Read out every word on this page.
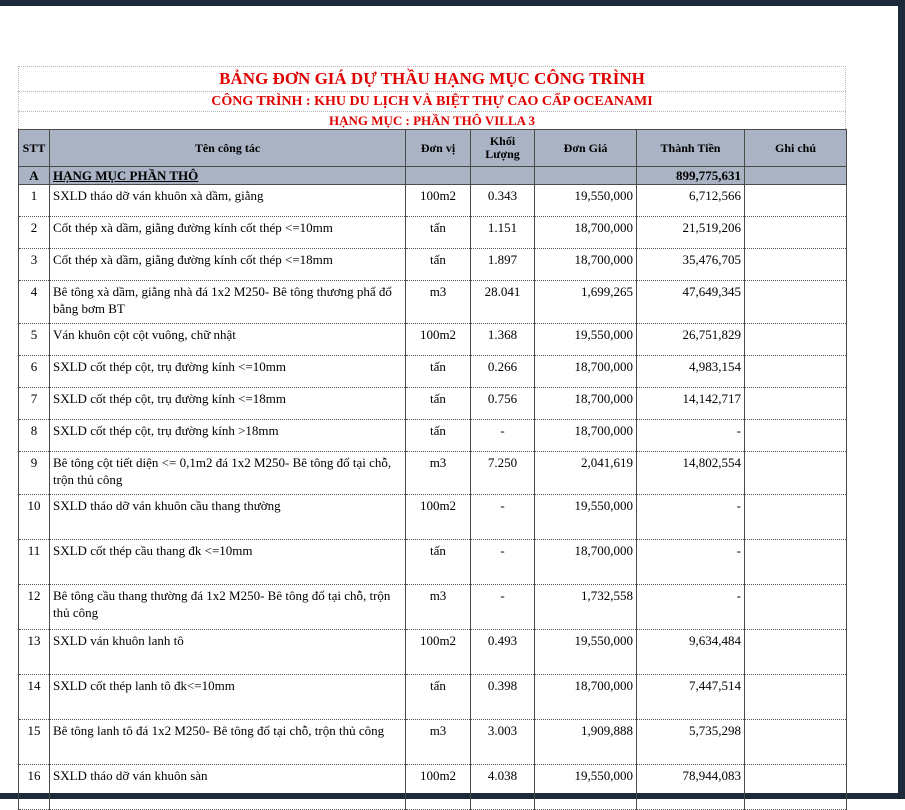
BẢNG ĐƠN GIÁ DỰ THẦU HẠNG MỤC CÔNG TRÌNH
CÔNG TRÌNH : KHU DU LỊCH VÀ BIỆT THỰ CAO CẤP OCEANAMI
HẠNG MỤC : PHẦN THÔ VILLA 3
STT	Tên công tác	Đơn vị	Khối Lượng	Đơn Giá	Thành Tiền	Ghi chú
A	HẠNG MỤC PHẦN THÔ				899,775,631	
1	SXLD tháo dỡ ván khuôn xà dầm, giằng	100m2	0.343	19,550,000	6,712,566	
2	Cốt thép xà dầm, giằng đường kính cốt thép <=10mm	tấn	1.151	18,700,000	21,519,206	
3	Cốt thép xà dầm, giằng đường kính cốt thép <=18mm	tấn	1.897	18,700,000	35,476,705	
4	Bê tông xà dầm, giằng nhà đá 1x2 M250- Bê tông thương phẩ đổ bằng bơm BT	m3	28.041	1,699,265	47,649,345	
5	Ván khuôn cột cột vuông, chữ nhật	100m2	1.368	19,550,000	26,751,829	
6	SXLD cốt thép cột, trụ đường kính <=10mm	tấn	0.266	18,700,000	4,983,154	
7	SXLD cốt thép cột, trụ đường kính <=18mm	tấn	0.756	18,700,000	14,142,717	
8	SXLD cốt thép cột, trụ đường kính >18mm	tấn	-	18,700,000	-	
9	Bê tông cột tiết diện <= 0,1m2 đá 1x2 M250- Bê tông đổ tại chỗ, trộn thủ công	m3	7.250	2,041,619	14,802,554	
10	SXLD tháo dỡ ván khuôn cầu thang thường	100m2	-	19,550,000	-	
11	SXLD cốt thép cầu thang đk <=10mm	tấn	-	18,700,000	-	
12	Bê tông cầu thang thường đá 1x2 M250- Bê tông đổ tại chỗ, trộn thủ công	m3	-	1,732,558	-	
13	SXLD ván khuôn lanh tô	100m2	0.493	19,550,000	9,634,484	
14	SXLD cốt thép lanh tô đk<=10mm	tấn	0.398	18,700,000	7,447,514	
15	Bê tông lanh tô đá 1x2 M250- Bê tông đổ tại chỗ, trộn thủ công	m3	3.003	1,909,888	5,735,298	
16	SXLD tháo dỡ ván khuôn sàn	100m2	4.038	19,550,000	78,944,083	
